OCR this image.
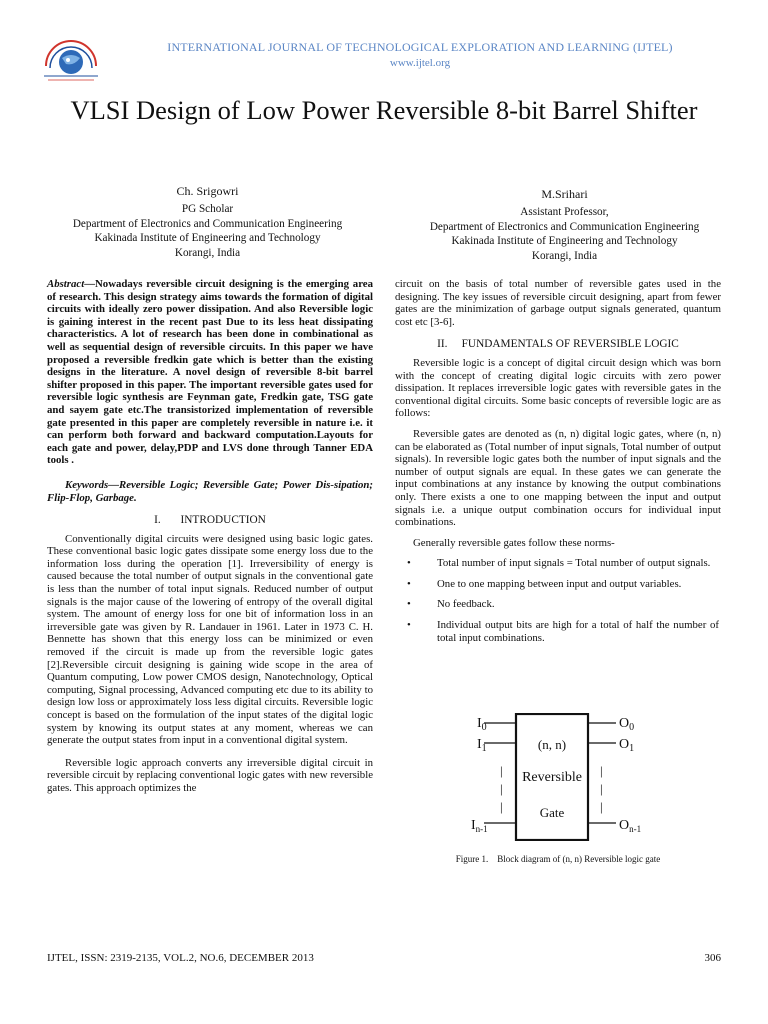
INTERNATIONAL JOURNAL OF TECHNOLOGICAL EXPLORATION AND LEARNING (IJTEL)
www.ijtel.org
VLSI Design of Low Power Reversible 8-bit Barrel Shifter
Ch. Srigowri
PG Scholar
Department of Electronics and Communication Engineering
Kakinada Institute of Engineering and Technology
Korangi, India
M.Srihari
Assistant Professor,
Department of Electronics and Communication Engineering
Kakinada Institute of Engineering and Technology
Korangi, India

Abstract—Nowadays reversible circuit designing is the emerging area of research. This design strategy aims towards the formation of digital circuits with ideally zero power dissipation. And also Reversible logic is gaining interest in the recent past Due to its less heat dissipating characteristics. A lot of research has been done in combinational as well as sequential design of reversible circuits. In this paper we have proposed a reversible fredkin gate which is better than the existing designs in the literature. A novel design of reversible 8-bit barrel shifter proposed in this paper. The important reversible gates used for reversible logic synthesis are Feynman gate, Fredkin gate, TSG gate and sayem gate etc.The transistorized implementation of reversible gate presented in this paper are completely reversible in nature i.e. it can perform both forward and backward computation.Layouts for each gate and power, delay,PDP and LVS done through Tanner EDA tools .

Keywords—Reversible Logic; Reversible Gate; Power Dis-sipation; Flip-Flop, Garbage.

I.       INTRODUCTION

Conventionally digital circuits were designed using basic logic gates. These conventional basic logic gates dissipate some energy loss due to the information loss during the operation [1]. Irreversibility of energy is caused because the total number of output signals in the conventional gate is less than the number of total input signals. Reduced number of output signals is the major cause of the lowering of entropy of the overall digital system. The amount of energy loss for one bit of information loss in an irreversible gate was given by R. Landauer in 1961. Later in 1973 C. H. Bennette has shown that this energy loss can be minimized or even removed if the circuit is made up from the reversible logic gates [2].Reversible circuit designing is gaining wide scope in the area of Quantum computing, Low power CMOS design, Nanotechnology, Optical computing, Signal processing, Advanced computing etc due to its ability to design low loss or approximately loss less digital circuits. Reversible logic concept is based on the formulation of the input states of the digital logic system by knowing its output states at any moment, whereas we can generate the output states from input in a conventional digital system.

Reversible logic approach converts any irreversible digital circuit in reversible circuit by replacing conventional logic gates with new reversible gates. This approach optimizes the

circuit on the basis of total number of reversible gates used in the designing. The key issues of reversible circuit designing, apart from fewer gates are the minimization of garbage output signals generated, quantum cost etc [3-6].

II.     FUNDAMENTALS OF REVERSIBLE LOGIC

Reversible logic is a concept of digital circuit design which was born with the concept of creating digital logic circuits with zero power dissipation. It replaces irreversible logic gates with reversible gates in the conventional digital circuits. Some basic concepts of reversible logic are as follows:

Reversible gates are denoted as (n, n) digital logic gates, where (n, n) can be elaborated as (Total number of input signals, Total number of output signals). In reversible logic gates both the number of input signals and the number of output signals are equal. In these gates we can generate the input combinations at any instance by knowing the output combinations only. There exists a one to one mapping between the input and output signals i.e. a unique output combination occurs for individual input combinations.

Generally reversible gates follow these norms-

• Total number of input signals = Total number of output signals.
• One to one mapping between input and output variables.
• No feedback.
• Individual output bits are high for a total of half the number of total input combinations.
$I_0$
$I_1$
$I_{n-1}$
$O_0$
$O_1$
$O_{n-1}$
|
|
|
|
|
|
(n, n)
Reversible
Gate
Figure 1.    Block diagram of (n, n) Reversible logic gate
IJTEL, ISSN: 2319-2135, VOL.2, NO.6, DECEMBER 2013	306
